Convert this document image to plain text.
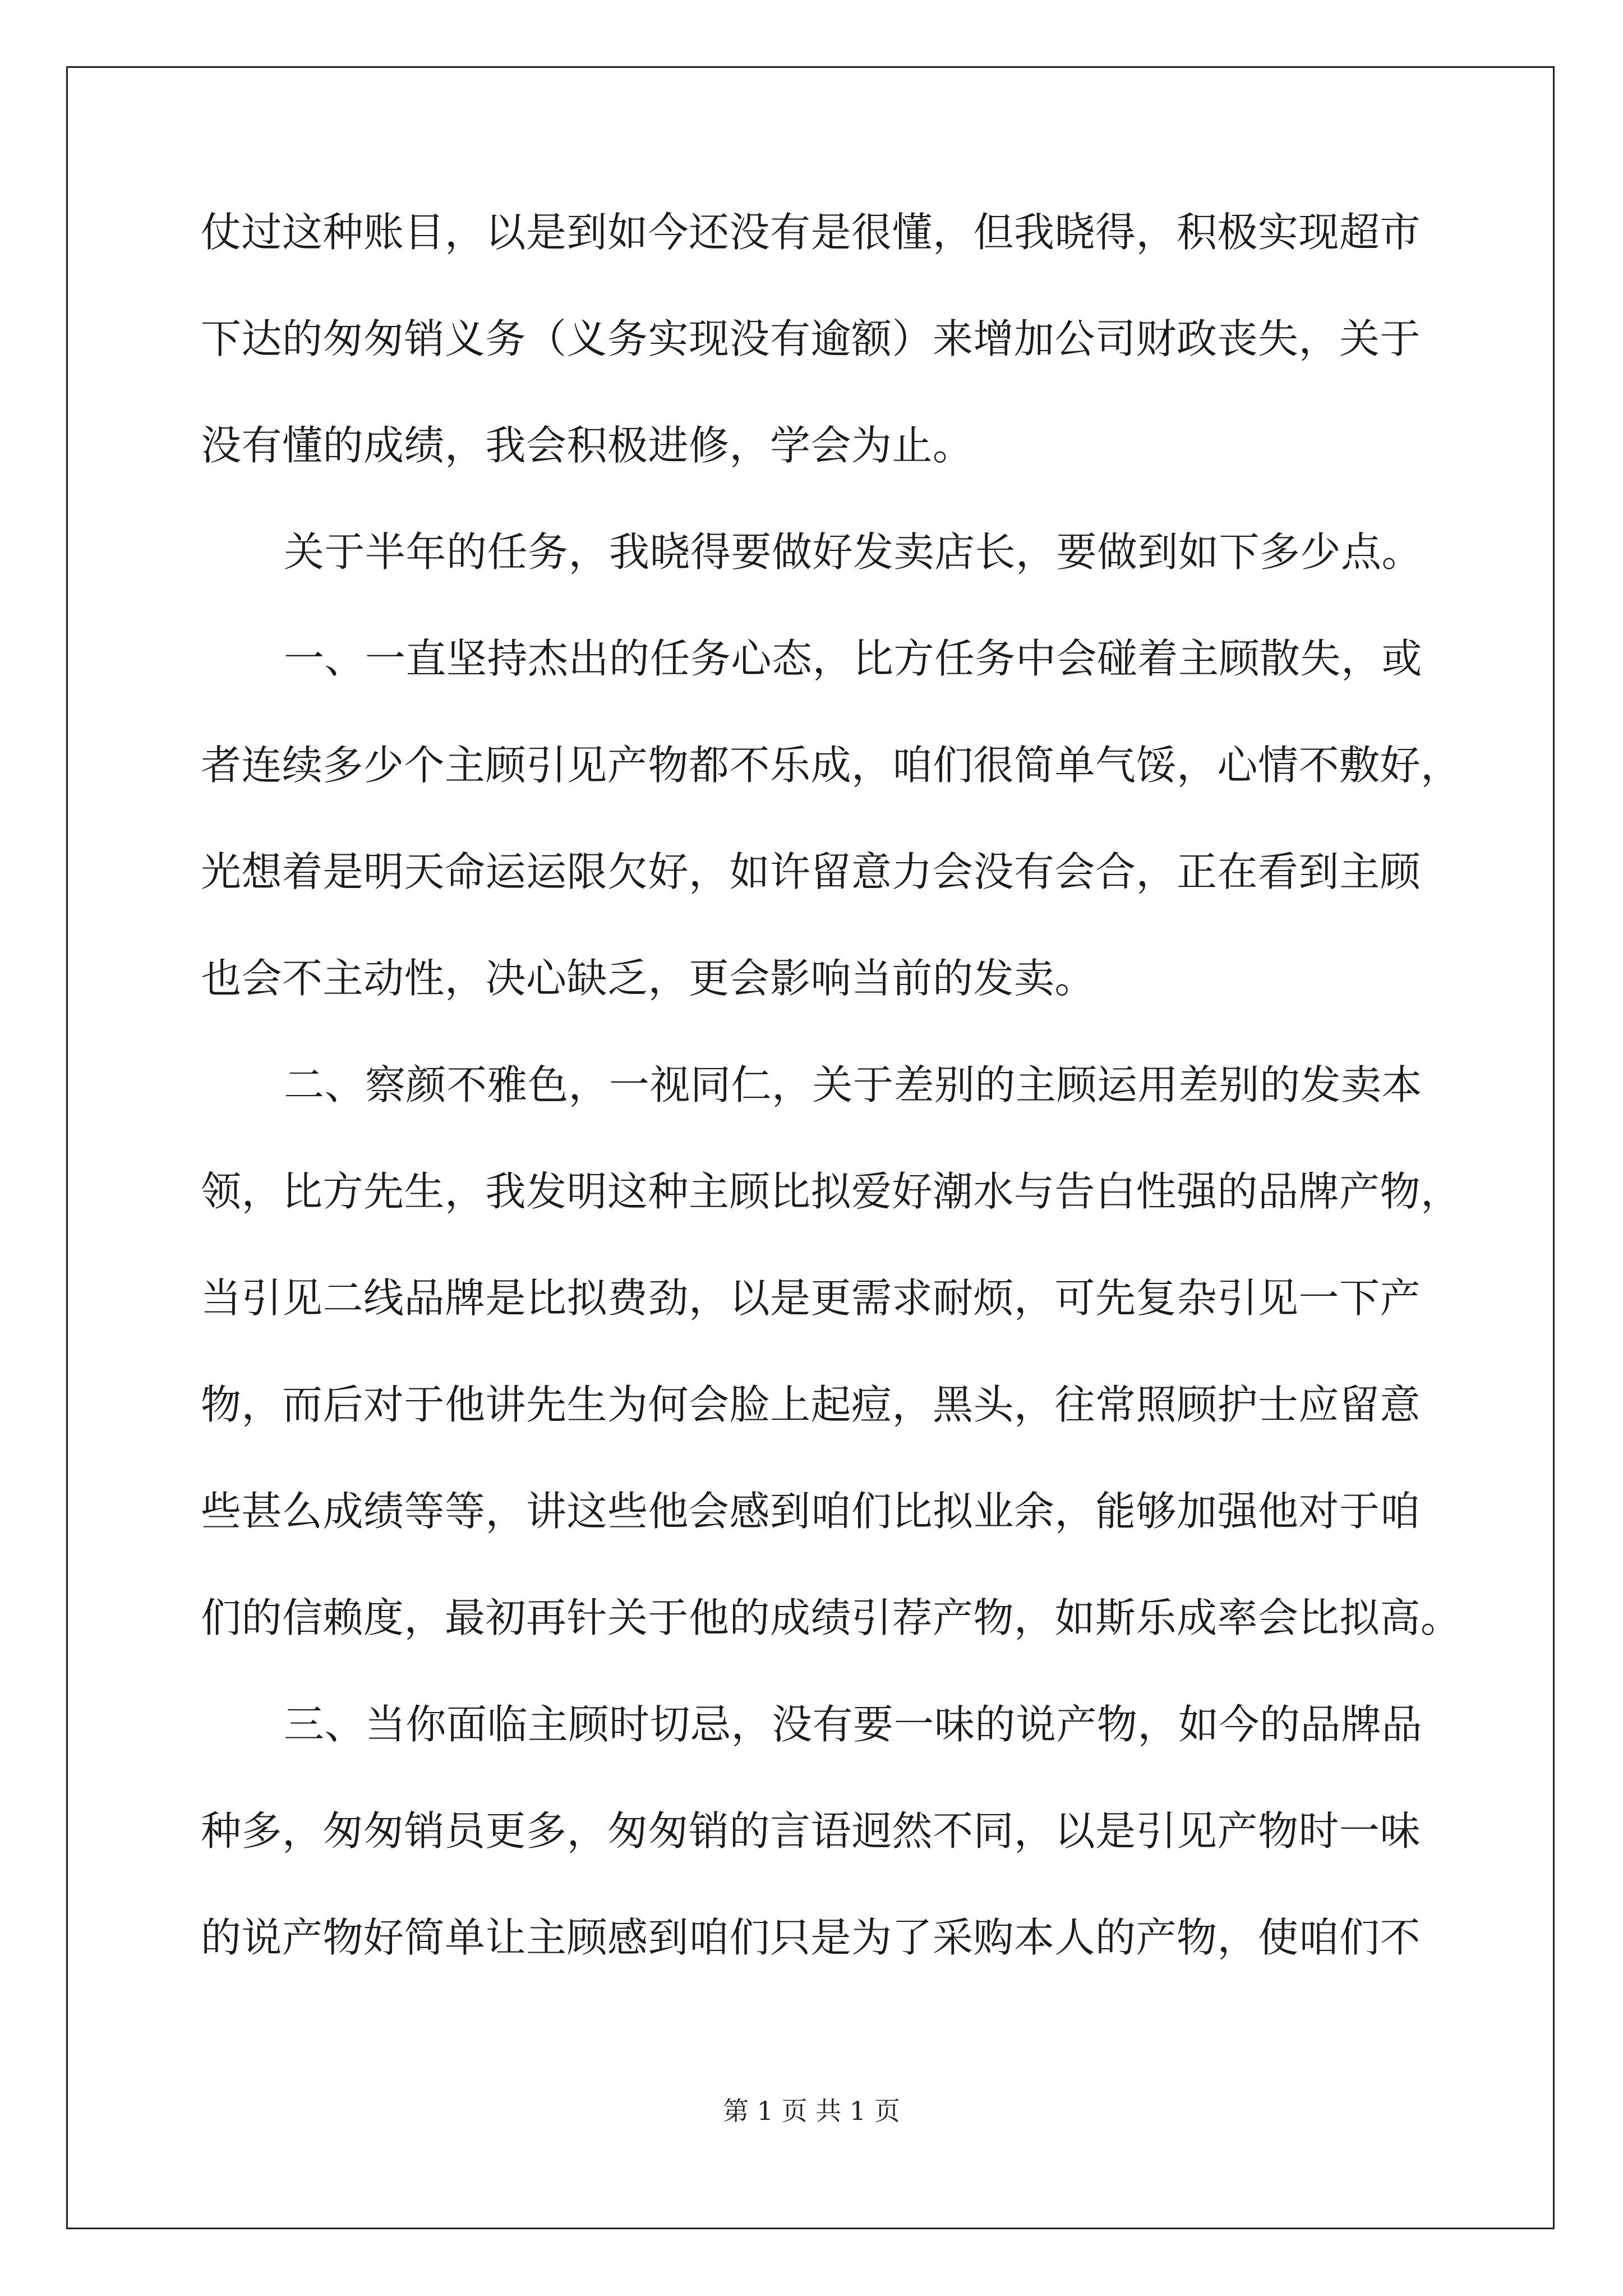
仗过这种账目，以是到如今还没有是很懂，但我晓得，积极实现超市
下达的匆匆销义务（义务实现没有逾额）来增加公司财政丧失，关于
没有懂的成绩，我会积极进修，学会为止。
关于半年的任务，我晓得要做好发卖店长，要做到如下多少点。
一、一直坚持杰出的任务心态，比方任务中会碰着主顾散失，或
者连续多少个主顾引见产物都不乐成，咱们很简单气馁，心情不敷好，
光想着是明天命运运限欠好，如许留意力会没有会合，正在看到主顾
也会不主动性，决心缺乏，更会影响当前的发卖。
二、察颜不雅色，一视同仁，关于差别的主顾运用差别的发卖本
领，比方先生，我发明这种主顾比拟爱好潮水与告白性强的品牌产物，
当引见二线品牌是比拟费劲，以是更需求耐烦，可先复杂引见一下产
物，而后对于他讲先生为何会脸上起痘，黑头，往常照顾护士应留意
些甚么成绩等等，讲这些他会感到咱们比拟业余，能够加强他对于咱
们的信赖度，最初再针关于他的成绩引荐产物，如斯乐成率会比拟高。
三、当你面临主顾时切忌，没有要一味的说产物，如今的品牌品
种多，匆匆销员更多，匆匆销的言语迥然不同，以是引见产物时一味
的说产物好简单让主顾感到咱们只是为了采购本人的产物，使咱们不
第 1 页 共 1 页
